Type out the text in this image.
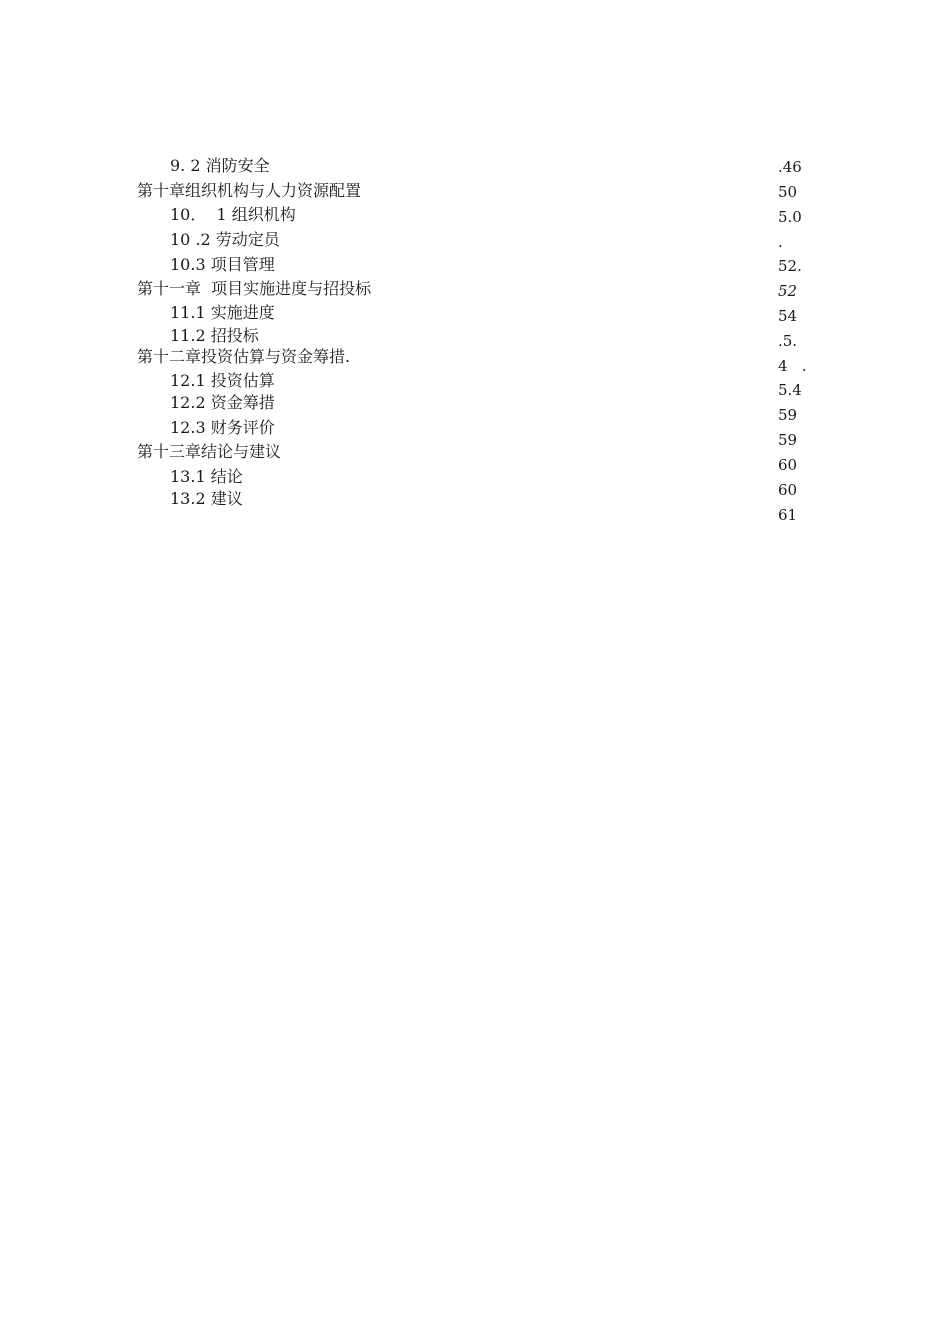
9. 2 消防安全
第十章组织机构与人力资源配置
10．  1 组织机构
10 .2 劳动定员
10.3 项目管理
第十一章  项目实施进度与招投标
11.1 实施进度
11.2 招投标
第十二章投资估算与资金筹措.
12.1 投资估算
12.2 资金筹措
12.3 财务评价
第十三章结论与建议
13.1 结论
13.2 建议
.46
50
5.0
.
52.
52
54
.5.
4   .
5.4
59
59
60
60
61
